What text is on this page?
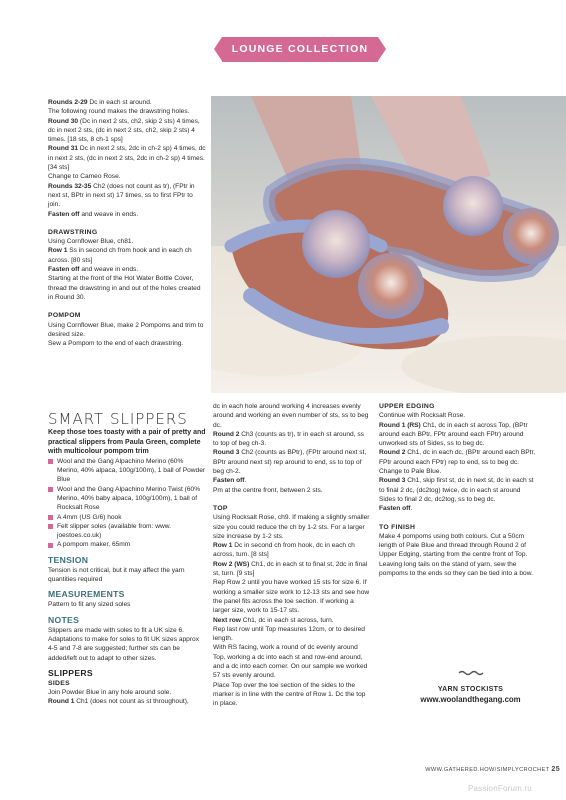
LOUNGE COLLECTION

Rounds 2-29 Dc in each st around.

The following round makes the drawstring holes.

Round 30 (Dc in next 2 sts, ch2, skip 2 sts) 4 times, dc in next 2 sts, (dc in next 2 sts, ch2, skip 2 sts) 4 times. [18 sts, 8 ch-1 sps]

Round 31 Dc in next 2 sts, 2dc in ch-2 sp) 4 times, dc in next 2 sts, (dc in next 2 sts, 2dc in ch-2 sp) 4 times. [34 sts]

Change to Cameo Rose.

Rounds 32-35 Ch2 (does not count as tr), (FPtr in next st, BPtr in next st) 17 times, ss to first FPtr to join.

Fasten off and weave in ends.

DRAWSTRING

Using Cornflower Blue, ch81.

Row 1 Ss in second ch from hook and in each ch across. [80 sts]

Fasten off and weave in ends.

Starting at the front of the Hot Water Bottle Cover, thread the drawstring in and out of the holes created in Round 30.

POMPOM

Using Cornflower Blue, make 2 Pompoms and trim to desired size.

Sew a Pompom to the end of each drawstring.

SMART SLIPPERS

Keep those toes toasty with a pair of pretty and practical slippers from Paula Green, complete with multicolour pompom trim

Wool and the Gang Alpachino Merino (60% Merino, 40% alpaca, 100g/100m), 1 ball of Powder Blue
Wool and the Gang Alpachino Merino Twist (60% Merino, 40% baby alpaca, 100g/100m), 1 ball of Rocksalt Rose
A 4mm (US G/6) hook
Felt slipper soles (available from: www. joestoes.co.uk)
A pompom maker, 65mm

TENSION

Tension is not critical, but it may affect the yarn quantities required

MEASUREMENTS

Pattern to fit any sized soles

NOTES

Slippers are made with soles to fit a UK size 6. Adaptations to make for soles to fit UK sizes approx 4-5 and 7-8 are suggested; further sts can be added/left out to adapt to other sizes.

SLIPPERS

SIDES

Join Powder Blue in any hole around sole.

Round 1 Ch1 (does not count as st throughout),

dc in each hole around working 4 increases evenly around and working an even number of sts, ss to beg dc.

Round 2 Ch3 (counts as tr), tr in each st around, ss to top of beg ch-3.

Round 3 Ch2 (counts as BPtr), (FPtr around next st, BPtr around next st) rep around to end, ss to top of beg ch-2.

Fasten off.

Pm at the centre front, between 2 sts.

TOP

Using Rocksalt Rose, ch9. If making a slightly smaller size you could reduce the ch by 1-2 sts. For a larger size increase by 1-2 sts.

Row 1 Dc in second ch from hook, dc in each ch across, turn. [8 sts]

Row 2 (WS) Ch1, dc in each st to final st, 2dc in final st, turn. [9 sts]

Rep Row 2 until you have worked 15 sts for size 6. If working a smaller size work to 12-13 sts and see how the panel fits across the toe section. If working a larger size, work to 15-17 sts.

Next row Ch1, dc in each st across, turn.

Rep last row until Top measures 12cm, or to desired length.

With RS facing, work a round of dc evenly around Top, working a dc into each st and row-end around, and a dc into each corner. On our sample we worked 57 sts evenly around.

Place Top over the toe section of the sides to the marker is in line with the centre of Row 1. Dc the top in place.

UPPER EDGING

Continue with Rocksalt Rose.

Round 1 (RS) Ch1, dc in each st across Top, (BPtr around each BPtr, FPtr around each FPtr) around unworked sts of Sides, ss to beg dc.

Round 2 Ch1, dc in each dc, (BPtr around each BPtr, FPtr around each FPtr) rep to end, ss to beg dc.

Change to Pale Blue.

Round 3 Ch1, skip first st, dc in next st, dc in each st to final 2 dc, (dc2tog) twice, dc in each st around Sides to final 2 dc, dc2tog, ss to beg dc.

Fasten off.

TO FINISH

Make 4 pompoms using both colours. Cut a 50cm length of Pale Blue and thread through Round 2 of Upper Edging, starting from the centre front of Top. Leaving long tails on the stand of yarn, sew the pompoms to the ends so they can be tied into a bow.

YARN STOCKISTS

www.woolandthegang.com

WWW.GATHERED.HOW/SIMPLYCROCHET 25
PassionForum.ru
